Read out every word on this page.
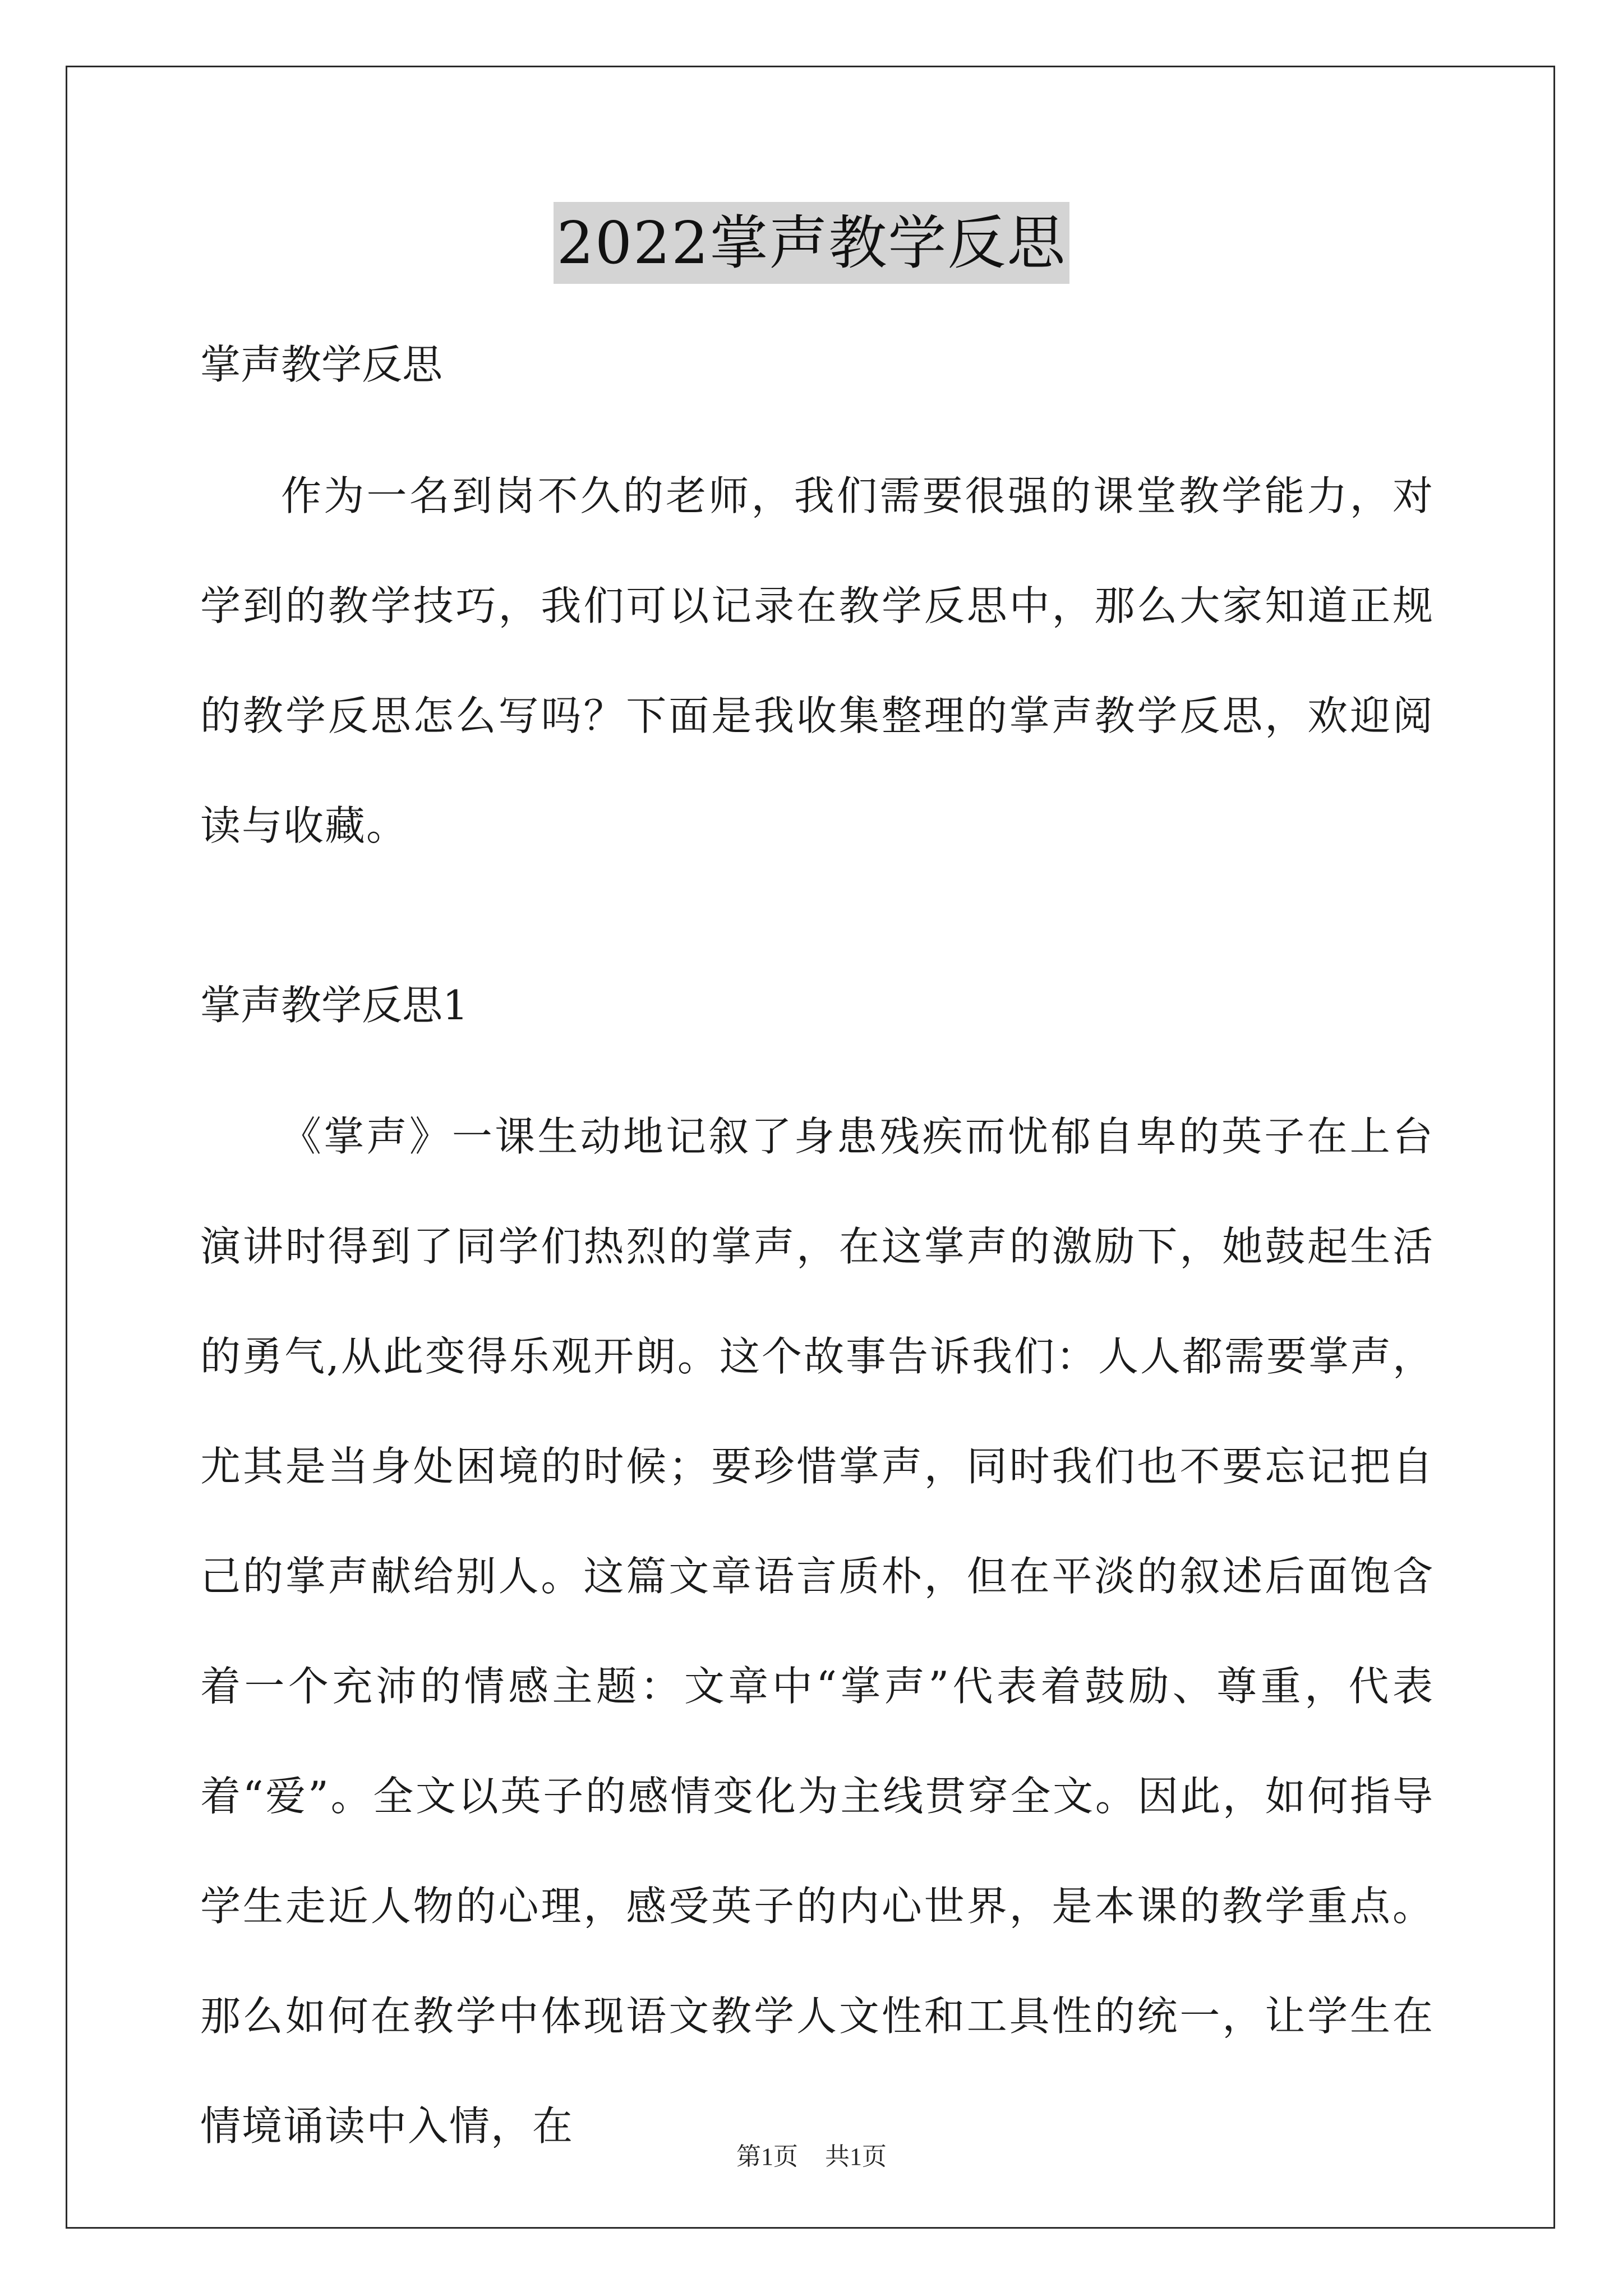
2022掌声教学反思

掌声教学反思

作为一名到岗不久的老师，我们需要很强的课堂教学能力，对学到的教学技巧，我们可以记录在教学反思中，那么大家知道正规的教学反思怎么写吗？下面是我收集整理的掌声教学反思，欢迎阅读与收藏。

掌声教学反思1

《掌声》一课生动地记叙了身患残疾而忧郁自卑的英子在上台演讲时得到了同学们热烈的掌声，在这掌声的激励下，她鼓起生活的勇气,从此变得乐观开朗。这个故事告诉我们：人人都需要掌声，尤其是当身处困境的时候；要珍惜掌声，同时我们也不要忘记把自己的掌声献给别人。这篇文章语言质朴，但在平淡的叙述后面饱含着一个充沛的情感主题：文章中“掌声”代表着鼓励、尊重，代表着“爱”。全文以英子的感情变化为主线贯穿全文。因此，如何指导学生走近人物的心理，感受英子的内心世界，是本课的教学重点。 那么如何在教学中体现语文教学人文性和工具性的统一，让学生在情境诵读中入情，在

第1页 共1页
